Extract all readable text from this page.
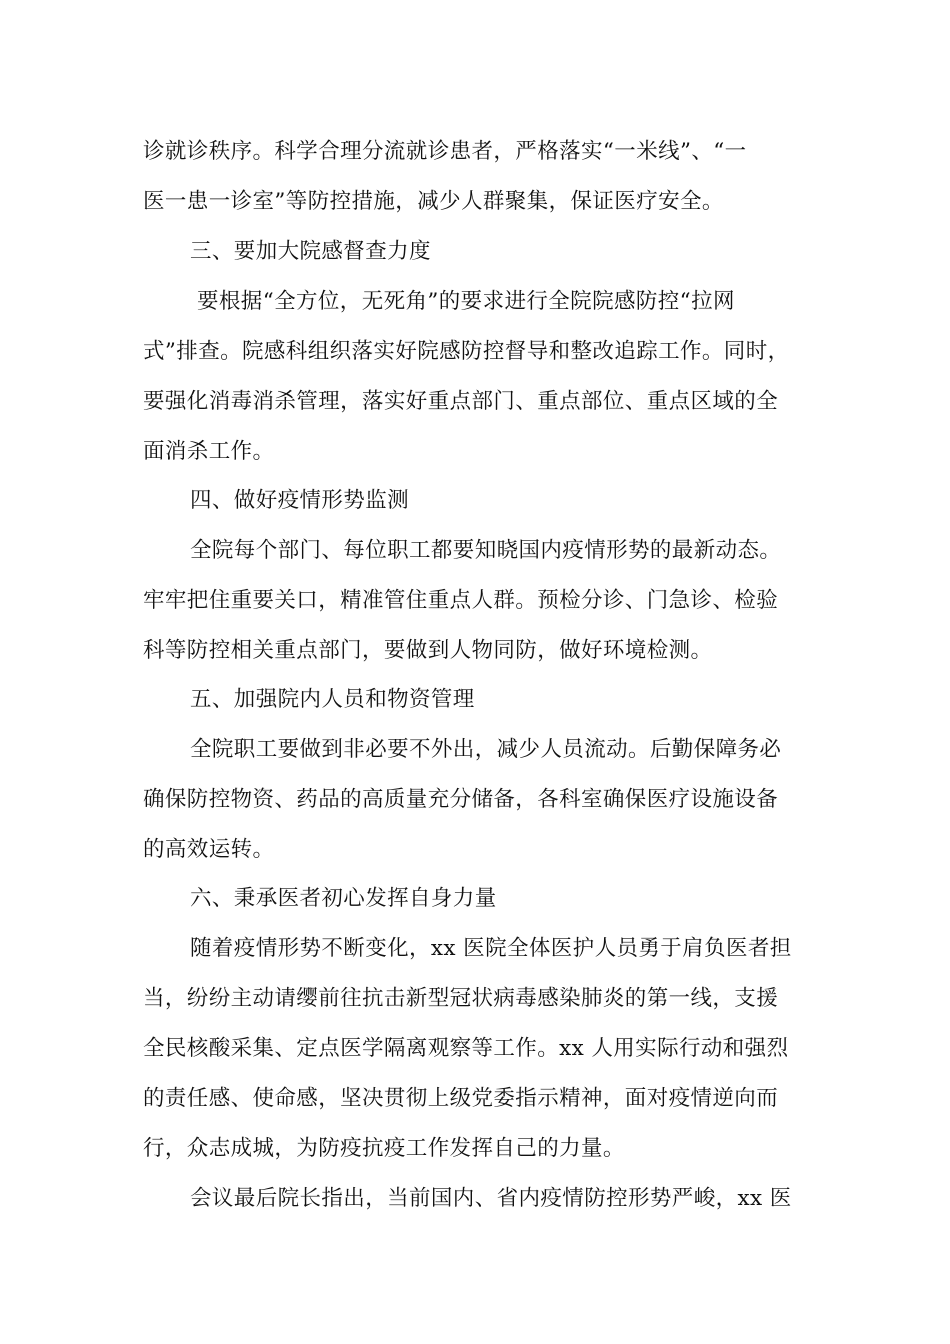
诊就诊秩序。科学合理分流就诊患者，严格落实“一米线”、“一
医一患一诊室”等防控措施，减少人群聚集，保证医疗安全。
三、要加大院感督查力度
要根据“全方位，无死角”的要求进行全院院感防控“拉网
式”排查。院感科组织落实好院感防控督导和整改追踪工作。同时，
要强化消毒消杀管理，落实好重点部门、重点部位、重点区域的全
面消杀工作。
四、做好疫情形势监测
全院每个部门、每位职工都要知晓国内疫情形势的最新动态。
牢牢把住重要关口，精准管住重点人群。预检分诊、门急诊、检验
科等防控相关重点部门，要做到人物同防，做好环境检测。
五、加强院内人员和物资管理
全院职工要做到非必要不外出，减少人员流动。后勤保障务必
确保防控物资、药品的高质量充分储备，各科室确保医疗设施设备
的高效运转。
六、秉承医者初心发挥自身力量
随着疫情形势不断变化，xx 医院全体医护人员勇于肩负医者担
当，纷纷主动请缨前往抗击新型冠状病毒感染肺炎的第一线，支援
全民核酸采集、定点医学隔离观察等工作。xx 人用实际行动和强烈
的责任感、使命感，坚决贯彻上级党委指示精神，面对疫情逆向而
行，众志成城，为防疫抗疫工作发挥自己的力量。
会议最后院长指出，当前国内、省内疫情防控形势严峻，xx 医
